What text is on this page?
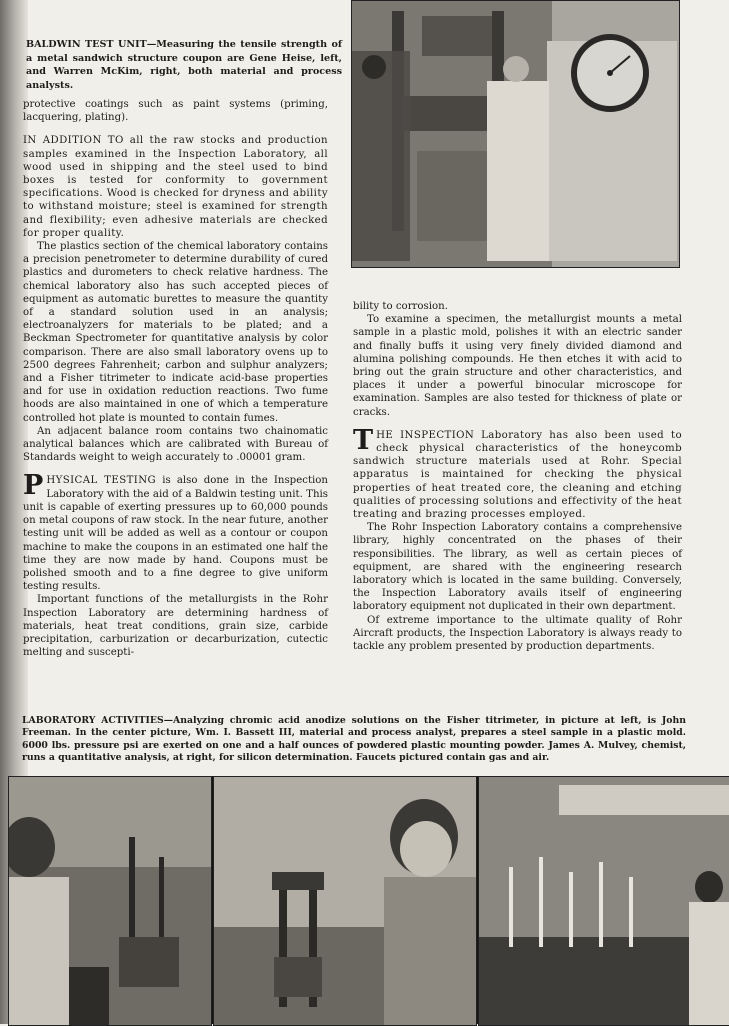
BALDWIN TEST UNIT—Measuring the tensile strength of a metal sandwich structure coupon are Gene Heise, left, and Warren McKim, right, both material and process analysts.

protective coatings such as paint systems (priming, lacquering, plating).

IN ADDITION TO all the raw stocks and production samples examined in the Inspection Laboratory, all wood used in shipping and the steel used to bind boxes is tested for conformity to government specifications. Wood is checked for dryness and ability to withstand moisture; steel is examined for strength and flexibility; even adhesive materials are checked for proper quality.

The plastics section of the chemical laboratory contains a precision penetrometer to determine durability of cured plastics and durometers to check relative hardness. The chemical laboratory also has such accepted pieces of equipment as automatic burettes to measure the quantity of a standard solution used in an analysis; electroanalyzers for materials to be plated; and a Beckman Spectrometer for quantitative analysis by color comparison. There are also small laboratory ovens up to 2500 degrees Fahrenheit; carbon and sulphur analyzers; and a Fisher titrimeter to indicate acid-base properties and for use in oxidation reduction reactions. Two fume hoods are also maintained in one of which a temperature controlled hot plate is mounted to contain fumes.

An adjacent balance room contains two chainomatic analytical balances which are calibrated with Bureau of Standards weight to weigh accurately to .00001 gram.

PHYSICAL TESTING is also done in the Inspection Laboratory with the aid of a Baldwin testing unit. This unit is capable of exerting pressures up to 60,000 pounds on metal coupons of raw stock. In the near future, another testing unit will be added as well as a contour or coupon machine to make the coupons in an estimated one half the time they are now made by hand. Coupons must be polished smooth and to a fine degree to give uniform testing results.

Important functions of the metallurgists in the Rohr Inspection Laboratory are determining hardness of materials, heat treat conditions, grain size, carbide precipitation, carburization or decarburization, cutectic melting and suscepti-

bility to corrosion.

To examine a specimen, the metallurgist mounts a metal sample in a plastic mold, polishes it with an electric sander and finally buffs it using very finely divided diamond and alumina polishing compounds. He then etches it with acid to bring out the grain structure and other characteristics, and places it under a powerful binocular microscope for examination. Samples are also tested for thickness of plate or cracks.

THE INSPECTION Laboratory has also been used to check physical characteristics of the honeycomb sandwich structure materials used at Rohr. Special apparatus is maintained for checking the physical properties of heat treated core, the cleaning and etching qualities of processing solutions and effectivity of the heat treating and brazing processes employed.

The Rohr Inspection Laboratory contains a comprehensive library, highly concentrated on the phases of their responsibilities. The library, as well as certain pieces of equipment, are shared with the engineering research laboratory which is located in the same building. Conversely, the Inspection Laboratory avails itself of engineering laboratory equipment not duplicated in their own department.

Of extreme importance to the ultimate quality of Rohr Aircraft products, the Inspection Laboratory is always ready to tackle any problem presented by production departments.

LABORATORY ACTIVITIES—Analyzing chromic acid anodize solutions on the Fisher titrimeter, in picture at left, is John Freeman. In the center picture, Wm. I. Bassett III, material and process analyst, prepares a steel sample in a plastic mold. 6000 lbs. pressure psi are exerted on one and a half ounces of powdered plastic mounting powder. James A. Mulvey, chemist, runs a quantitative analysis, at right, for silicon determination. Faucets pictured contain gas and air.
